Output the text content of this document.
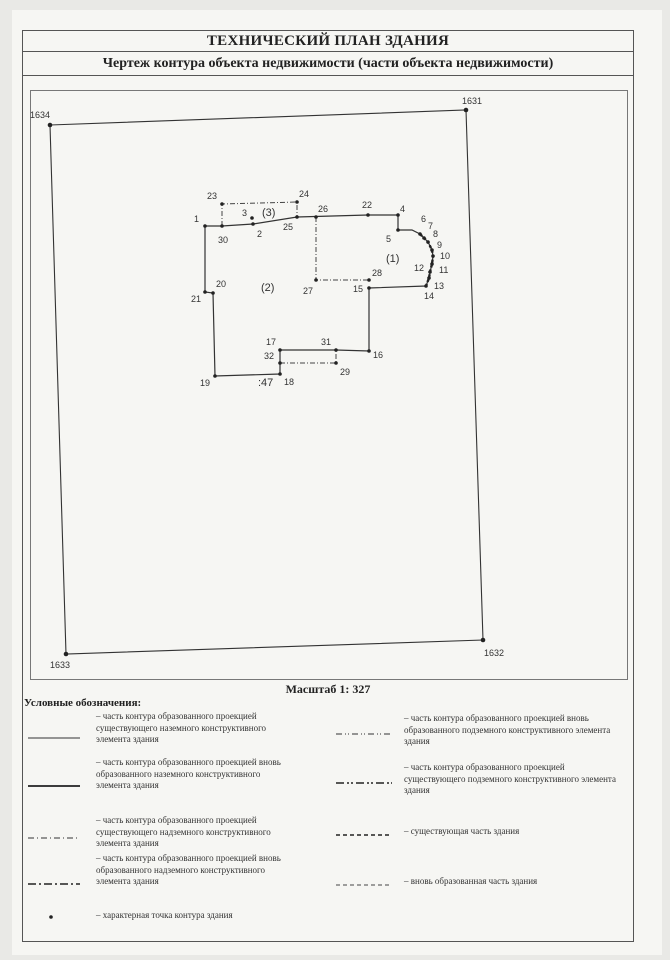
ТЕХНИЧЕСКИЙ ПЛАН ЗДАНИЯ
Чертеж контура объекта недвижимости (части объекта недвижимости)
1634
1631
1632
1633
1
2
3	4
5
6
7
8
9
10
11
12
13
14
15
16
17
18
19
20
21
22
23	24
25
26
27
28
29
30
31
32
(1)
(2)
(3)
:47
Масштаб 1: 327
Условные обозначения:
– часть контура образованного проекцией существующего наземного конструктивного элемента здания
– часть контура образованного проекцией вновь образованного наземного конструктивного элемента здания
– часть контура образованного проекцией существующего надземного конструктивного элемента здания
– часть контура образованного проекцией вновь образованного надземного конструктивного элемента здания
– характерная точка контура здания
– часть контура образованного проекцией вновь образованного подземного конструктивного элемента здания
– часть контура образованного проекцией существующего подземного конструктивного элемента здания
– существующая часть здания
– вновь образованная часть здания
